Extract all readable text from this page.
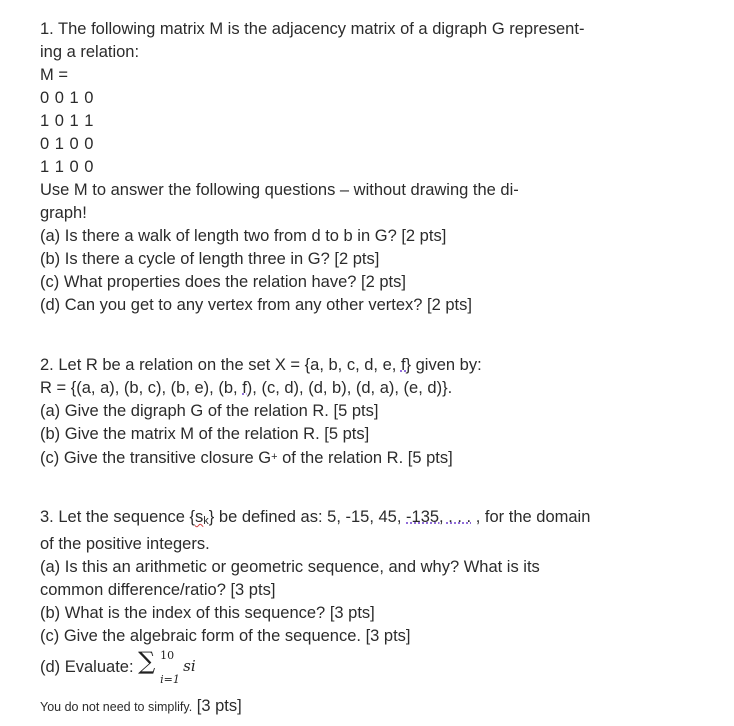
1. The following matrix M is the adjacency matrix of a digraph G represent-
ing a relation:
M =
0 0 1 0
1 0 1 1
0 1 0 0
1 1 0 0
Use M to answer the following questions – without drawing the di-
graph!
(a) Is there a walk of length two from d to b in G? [2 pts]
(b) Is there a cycle of length three in G? [2 pts]
(c) What properties does the relation have? [2 pts]
(d) Can you get to any vertex from any other vertex? [2 pts]
2. Let R be a relation on the set X = {a, b, c, d, e, f} given by:
R = {(a, a), (b, c), (b, e), (b, f), (c, d), (d, b), (d, a), (e, d)}.
(a) Give the digraph G of the relation R. [5 pts]
(b) Give the matrix M of the relation R. [5 pts]
(c) Give the transitive closure G+ of the relation R. [5 pts]
3. Let the sequence {sk} be defined as: 5, -15, 45, -135, . . . , for the domain
of the positive integers.
(a) Is this an arithmetic or geometric sequence, and why? What is its
common difference/ratio? [3 pts]
(b) What is the index of this sequence? [3 pts]
(c) Give the algebraic form of the sequence. [3 pts]
(d) Evaluate: ∑ 10
i=1
si
You do not need to simplify. [3 pts]
